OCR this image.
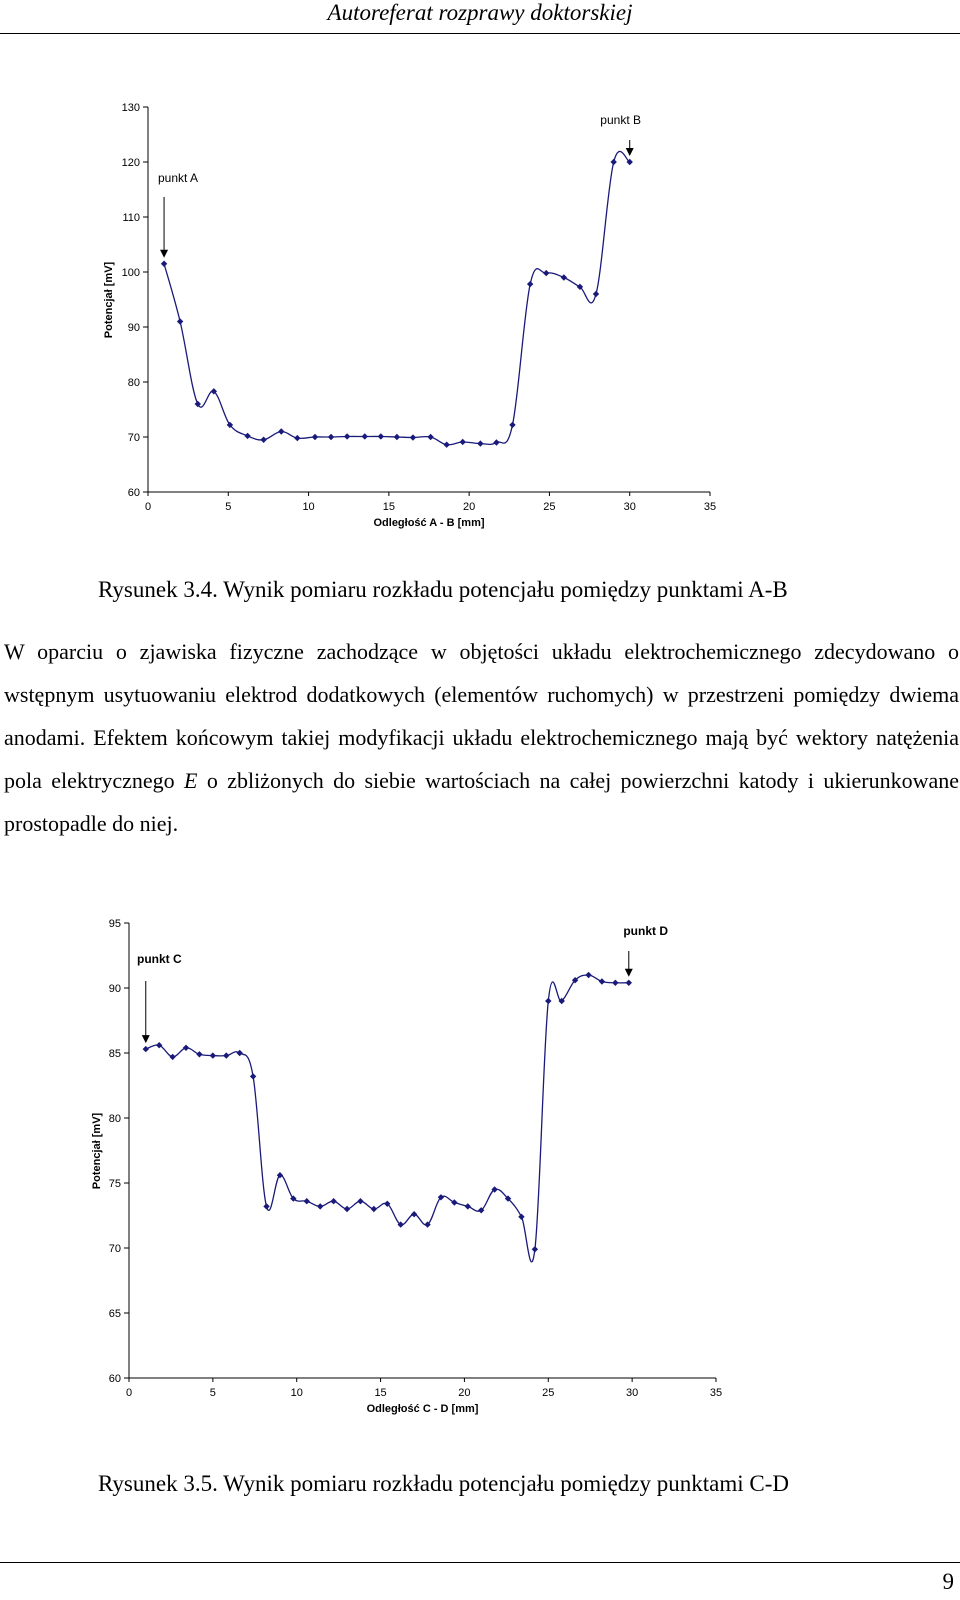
Autoreferat rozprawy doktorskiej
60
70
80
90
100
110
120
130
0	5	10	15	20	25	30	35
Odległość A - B [mm]
Potencjał [mV]
punkt A
punkt B
Rysunek 3.4. Wynik pomiaru rozkładu potencjału pomiędzy punktami A-B
W oparciu o zjawiska fizyczne zachodzące w objętości układu elektrochemicznego zdecydowano o wstępnym usytuowaniu elektrod dodatkowych (elementów ruchomych) w przestrzeni pomiędzy dwiema anodami. Efektem końcowym takiej modyfikacji układu elektrochemicznego mają być wektory natężenia pola elektrycznego E o zbliżonych do siebie wartościach na całej powierzchni katody i ukierunkowane prostopadle do niej.
60
65
70
75
80
85
90
95
0	5	10	15	20	25	30	35
Odległość C - D [mm]
Potencjał [mV]
punkt C
punkt D
Rysunek 3.5. Wynik pomiaru rozkładu potencjału pomiędzy punktami C-D
9
